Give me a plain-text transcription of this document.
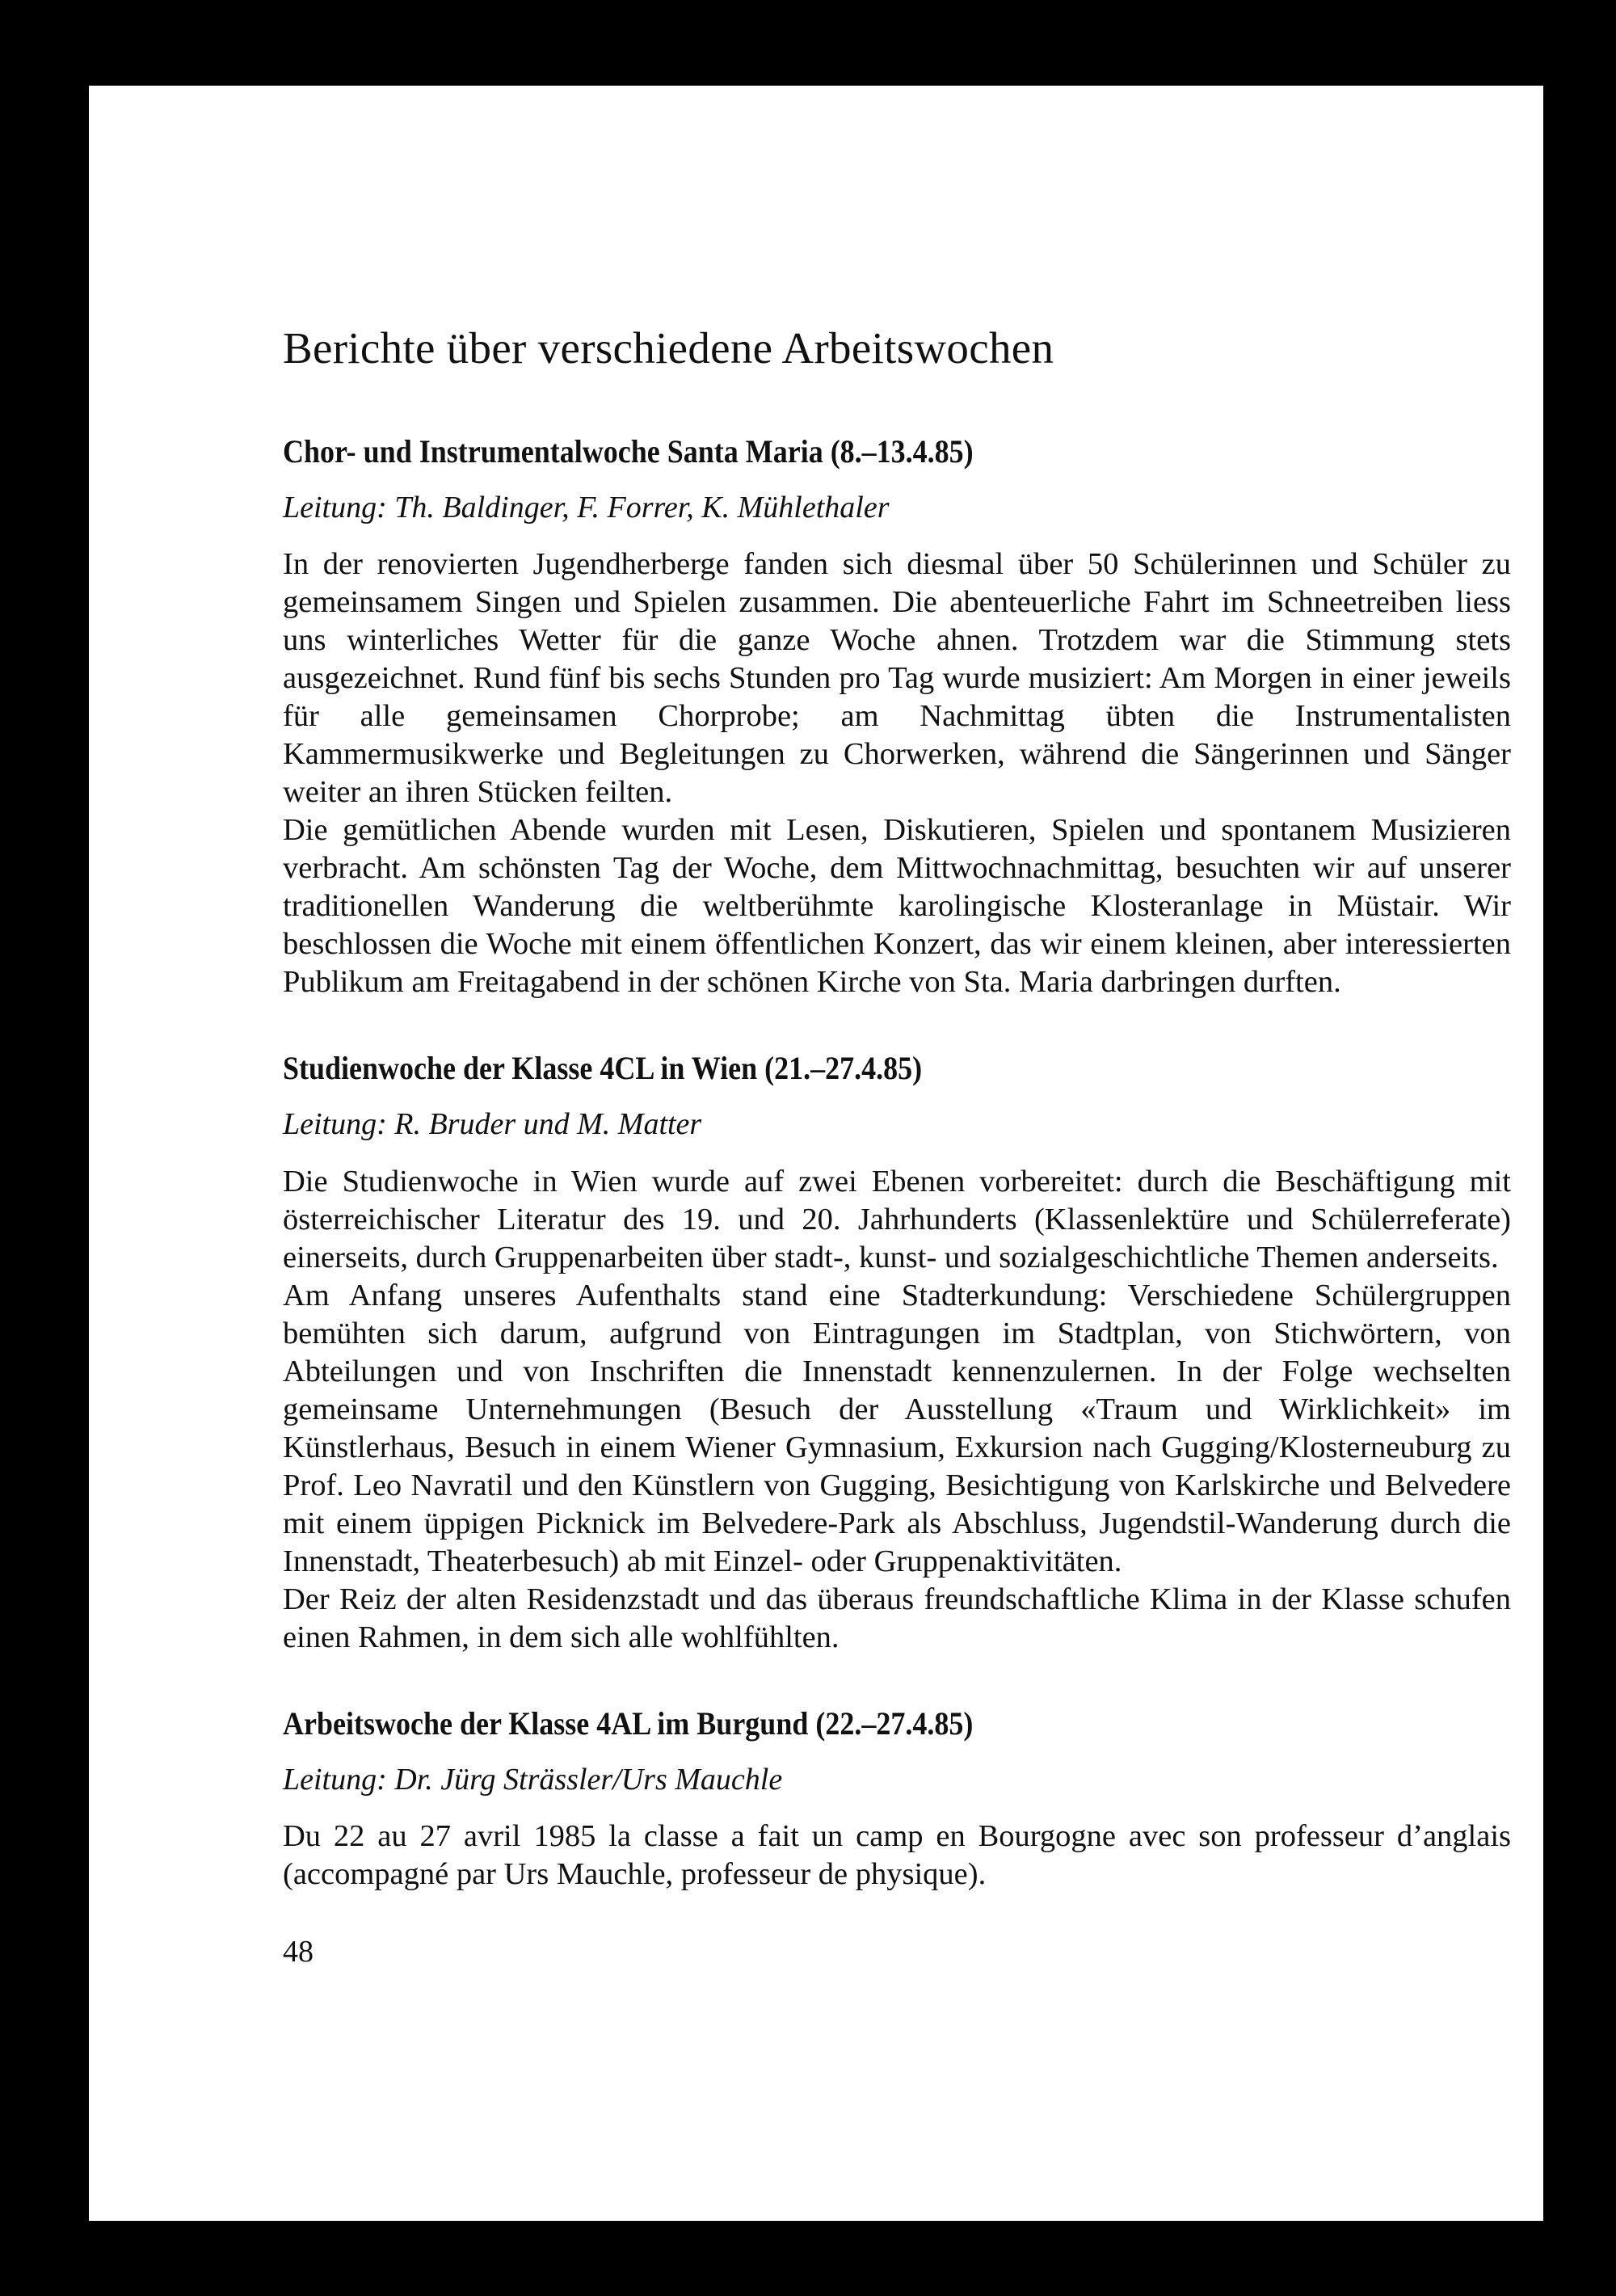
Berichte über verschiedene Arbeitswochen
Chor- und Instrumentalwoche Santa Maria (8.–13.4.85)

Leitung: Th. Baldinger, F. Forrer, K. Mühlethaler

In der renovierten Jugendherberge fanden sich diesmal über 50 Schülerinnen und Schüler zu gemeinsamem Singen und Spielen zusammen. Die abenteuerliche Fahrt im Schneetreiben liess uns winterliches Wetter für die ganze Woche ahnen. Trotzdem war die Stimmung stets ausgezeichnet. Rund fünf bis sechs Stunden pro Tag wurde musiziert: Am Morgen in einer jeweils für alle gemeinsamen Chorprobe; am Nachmittag übten die Instrumentalisten Kammermusikwerke und Begleitungen zu Chorwerken, während die Sängerinnen und Sänger weiter an ihren Stücken feilten.

Die gemütlichen Abende wurden mit Lesen, Diskutieren, Spielen und spontanem Musizieren verbracht. Am schönsten Tag der Woche, dem Mittwochnachmittag, besuchten wir auf unserer traditionellen Wanderung die weltberühmte karolingische Klosteranlage in Müstair. Wir beschlossen die Woche mit einem öffentlichen Konzert, das wir einem kleinen, aber interessierten Publikum am Freitagabend in der schönen Kirche von Sta. Maria darbringen durften.

Studienwoche der Klasse 4CL in Wien (21.–27.4.85)

Leitung: R. Bruder und M. Matter

Die Studienwoche in Wien wurde auf zwei Ebenen vorbereitet: durch die Beschäftigung mit österreichischer Literatur des 19. und 20. Jahrhunderts (Klassenlektüre und Schülerreferate) einerseits, durch Gruppenarbeiten über stadt-, kunst- und sozialgeschichtliche Themen anderseits.

Am Anfang unseres Aufenthalts stand eine Stadterkundung: Verschiedene Schülergruppen bemühten sich darum, aufgrund von Eintragungen im Stadtplan, von Stichwörtern, von Abteilungen und von Inschriften die Innenstadt kennenzulernen. In der Folge wechselten gemeinsame Unternehmungen (Besuch der Ausstellung «Traum und Wirklichkeit» im Künstlerhaus, Besuch in einem Wiener Gymnasium, Exkursion nach Gugging/Klosterneuburg zu Prof. Leo Navratil und den Künstlern von Gugging, Besichtigung von Karlskirche und Belvedere mit einem üppigen Picknick im Belvedere-Park als Abschluss, Jugendstil-Wanderung durch die Innenstadt, Theaterbesuch) ab mit Einzel- oder Gruppenaktivitäten.

Der Reiz der alten Residenzstadt und das überaus freundschaftliche Klima in der Klasse schufen einen Rahmen, in dem sich alle wohlfühlten.

Arbeitswoche der Klasse 4AL im Burgund (22.–27.4.85)

Leitung: Dr. Jürg Strässler/Urs Mauchle

Du 22 au 27 avril 1985 la classe a fait un camp en Bourgogne avec son professeur d’anglais (accompagné par Urs Mauchle, professeur de physique).

48
